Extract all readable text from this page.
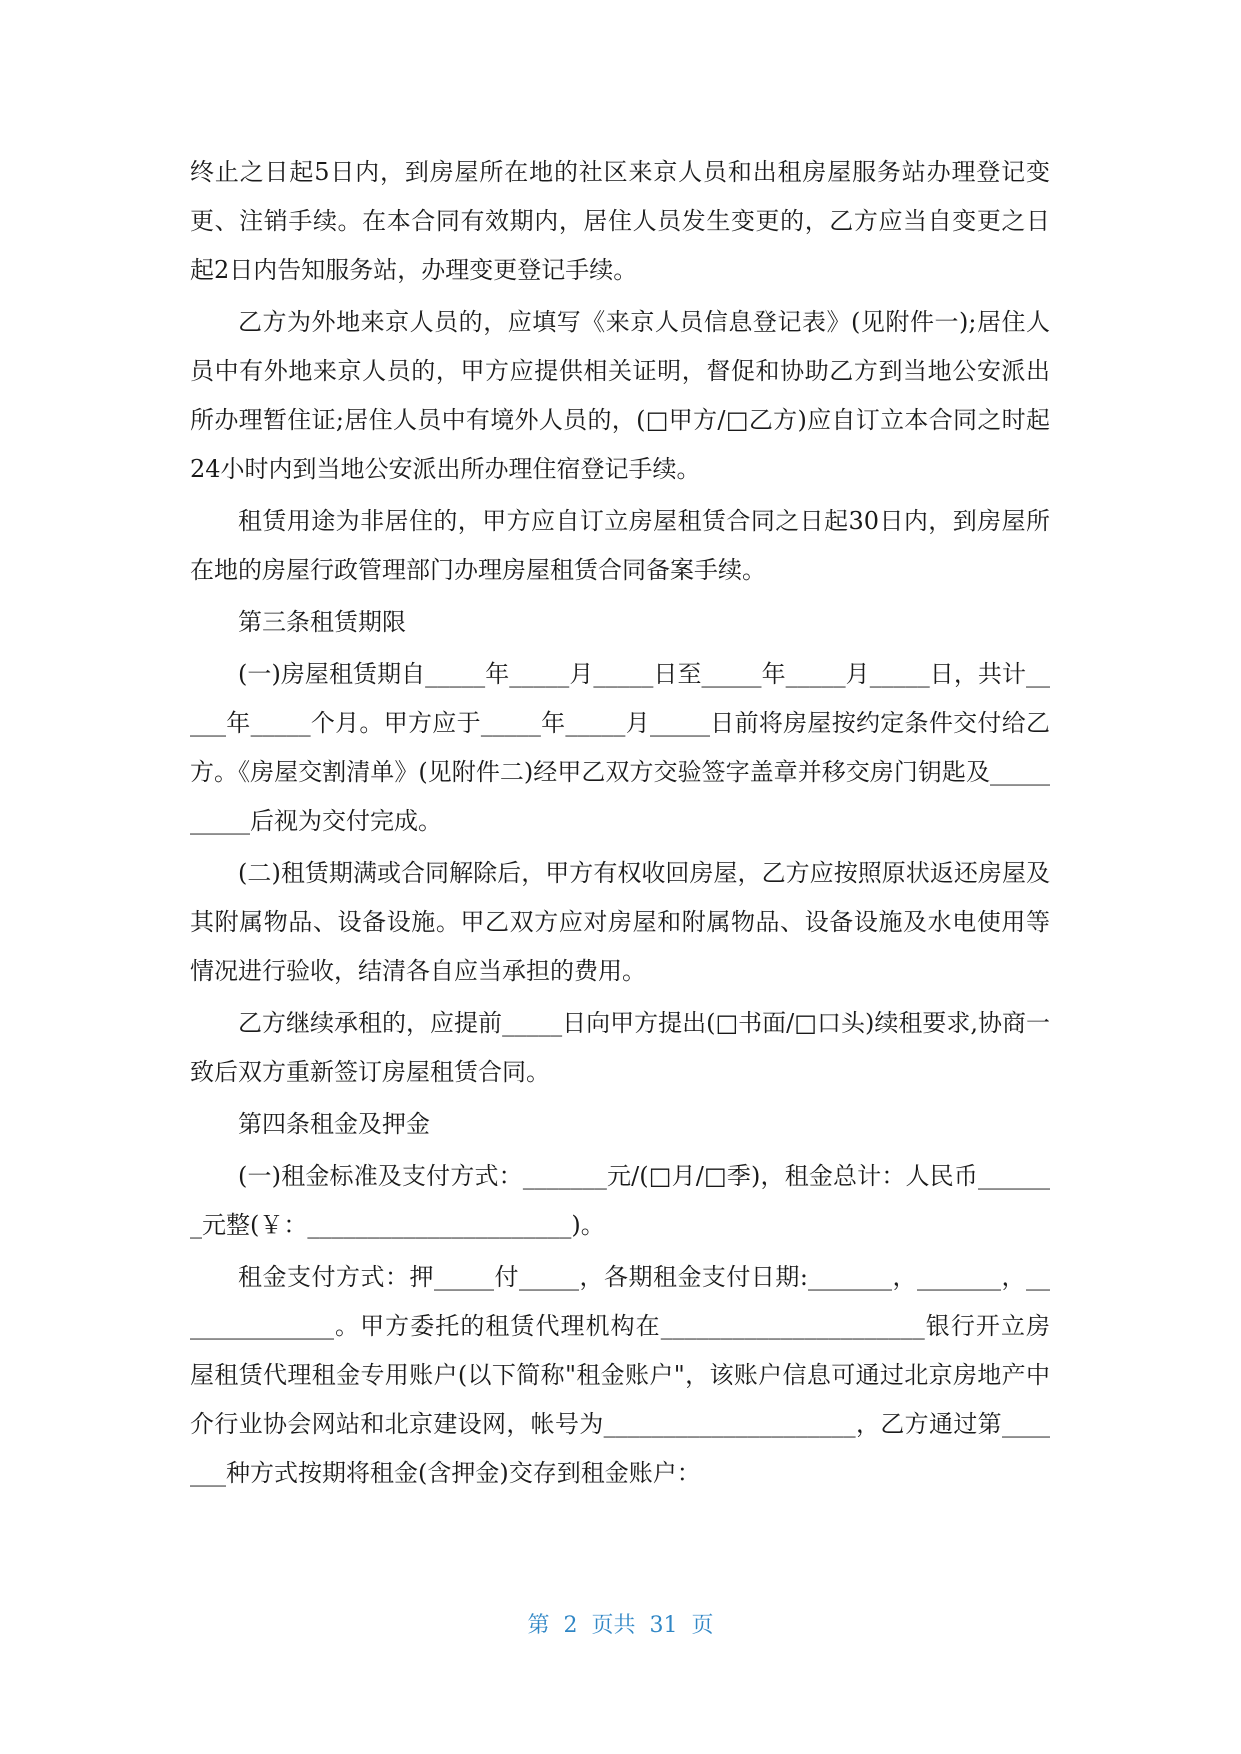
终止之日起5日内，到房屋所在地的社区来京人员和出租房屋服务站办理登记变更、注销手续。在本合同有效期内，居住人员发生变更的，乙方应当自变更之日起2日内告知服务站，办理变更登记手续。

乙方为外地来京人员的，应填写《来京人员信息登记表》(见附件一);居住人员中有外地来京人员的，甲方应提供相关证明，督促和协助乙方到当地公安派出所办理暂住证;居住人员中有境外人员的，(□甲方/□乙方)应自订立本合同之时起24小时内到当地公安派出所办理住宿登记手续。

租赁用途为非居住的，甲方应自订立房屋租赁合同之日起30日内，到房屋所在地的房屋行政管理部门办理房屋租赁合同备案手续。

第三条租赁期限

(一)房屋租赁期自_____年_____月_____日至_____年_____月_____日，共计_____年_____个月。甲方应于_____年_____月_____日前将房屋按约定条件交付给乙方。《房屋交割清单》(见附件二)经甲乙双方交验签字盖章并移交房门钥匙及__________后视为交付完成。

(二)租赁期满或合同解除后，甲方有权收回房屋，乙方应按照原状返还房屋及其附属物品、设备设施。甲乙双方应对房屋和附属物品、设备设施及水电使用等情况进行验收，结清各自应当承担的费用。

乙方继续承租的，应提前_____日向甲方提出(□书面/□口头)续租要求,协商一致后双方重新签订房屋租赁合同。

第四条租金及押金

(一)租金标准及支付方式：_______元/(□月/□季)，租金总计：人民币_______元整(￥：______________________)。

租金支付方式：押_____付_____，各期租金支付日期:_______，_______，______________。甲方委托的租赁代理机构在______________________银行开立房屋租赁代理租金专用账户(以下简称"租金账户"，该账户信息可通过北京房地产中介行业协会网站和北京建设网，帐号为_____________________，乙方通过第_______种方式按期将租金(含押金)交存到租金账户：

第 2 页共 31 页
